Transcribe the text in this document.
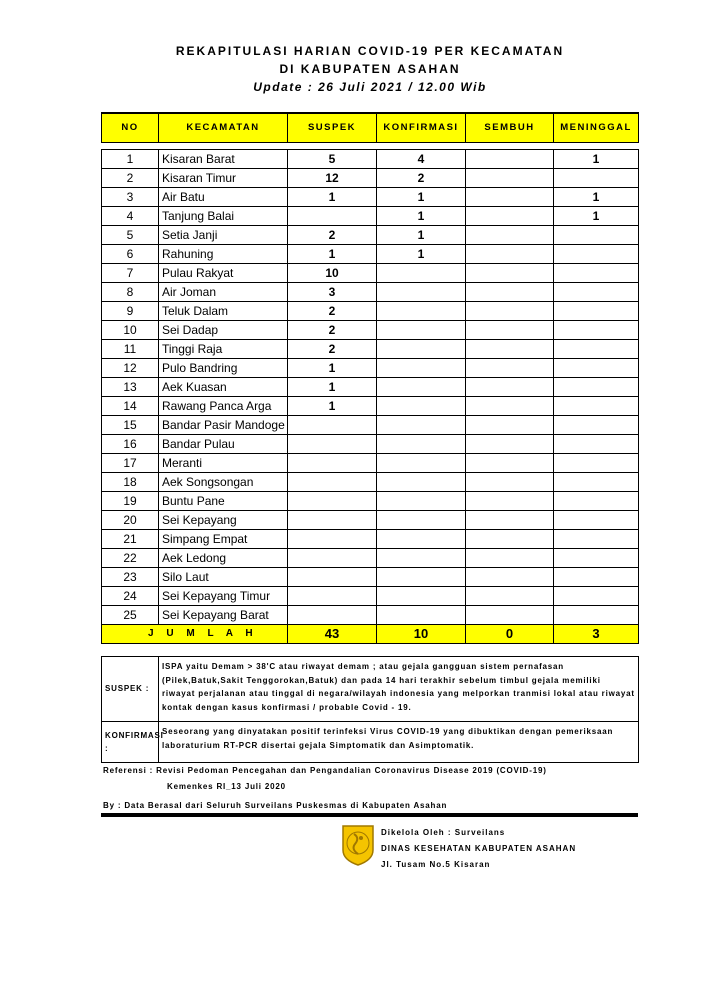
REKAPITULASI HARIAN COVID-19 PER KECAMATAN
DI KABUPATEN ASAHAN
Update : 26 Juli 2021 / 12.00 Wib
NO	KECAMATAN	SUSPEK	KONFIRMASI	SEMBUH	MENINGGAL

1	Kisaran Barat	5	4		1
2	Kisaran Timur	12	2		
3	Air Batu	1	1		1
4	Tanjung Balai		1		1
5	Setia Janji	2	1		
6	Rahuning	1	1		
7	Pulau Rakyat	10			
8	Air Joman	3			
9	Teluk Dalam	2			
10	Sei Dadap	2			
11	Tinggi Raja	2			
12	Pulo Bandring	1			
13	Aek Kuasan	1			
14	Rawang Panca Arga	1			
15	Bandar Pasir Mandoge				
16	Bandar Pulau				
17	Meranti				
18	Aek Songsongan				
19	Buntu Pane				
20	Sei Kepayang				
21	Simpang Empat				
22	Aek Ledong				
23	Silo Laut				
24	Sei Kepayang Timur				
25	Sei Kepayang Barat				
J U M L A H		43	10	0	3
SUSPEK :	ISPA yaitu Demam > 38'C atau riwayat demam ; atau gejala gangguan sistem pernafasan (Pilek,Batuk,Sakit Tenggorokan,Batuk) dan pada 14 hari terakhir sebelum timbul gejala memiliki riwayat perjalanan atau tinggal di negara/wilayah indonesia yang melporkan tranmisi lokal atau riwayat kontak dengan kasus konfirmasi / probable Covid - 19.
KONFIRMASI :	Seseorang yang dinyatakan positif terinfeksi Virus COVID-19 yang dibuktikan dengan pemeriksaan laboraturium RT-PCR disertai gejala Simptomatik dan Asimptomatik.
Referensi : Revisi Pedoman Pencegahan dan Pengandalian Coronavirus Disease 2019 (COVID-19)
Kemenkes RI_13 Juli 2020
By : Data Berasal dari Seluruh Surveilans Puskesmas di Kabupaten Asahan
Dikelola Oleh : Surveilans
DINAS KESEHATAN KABUPATEN ASAHAN
Jl. Tusam No.5 Kisaran
